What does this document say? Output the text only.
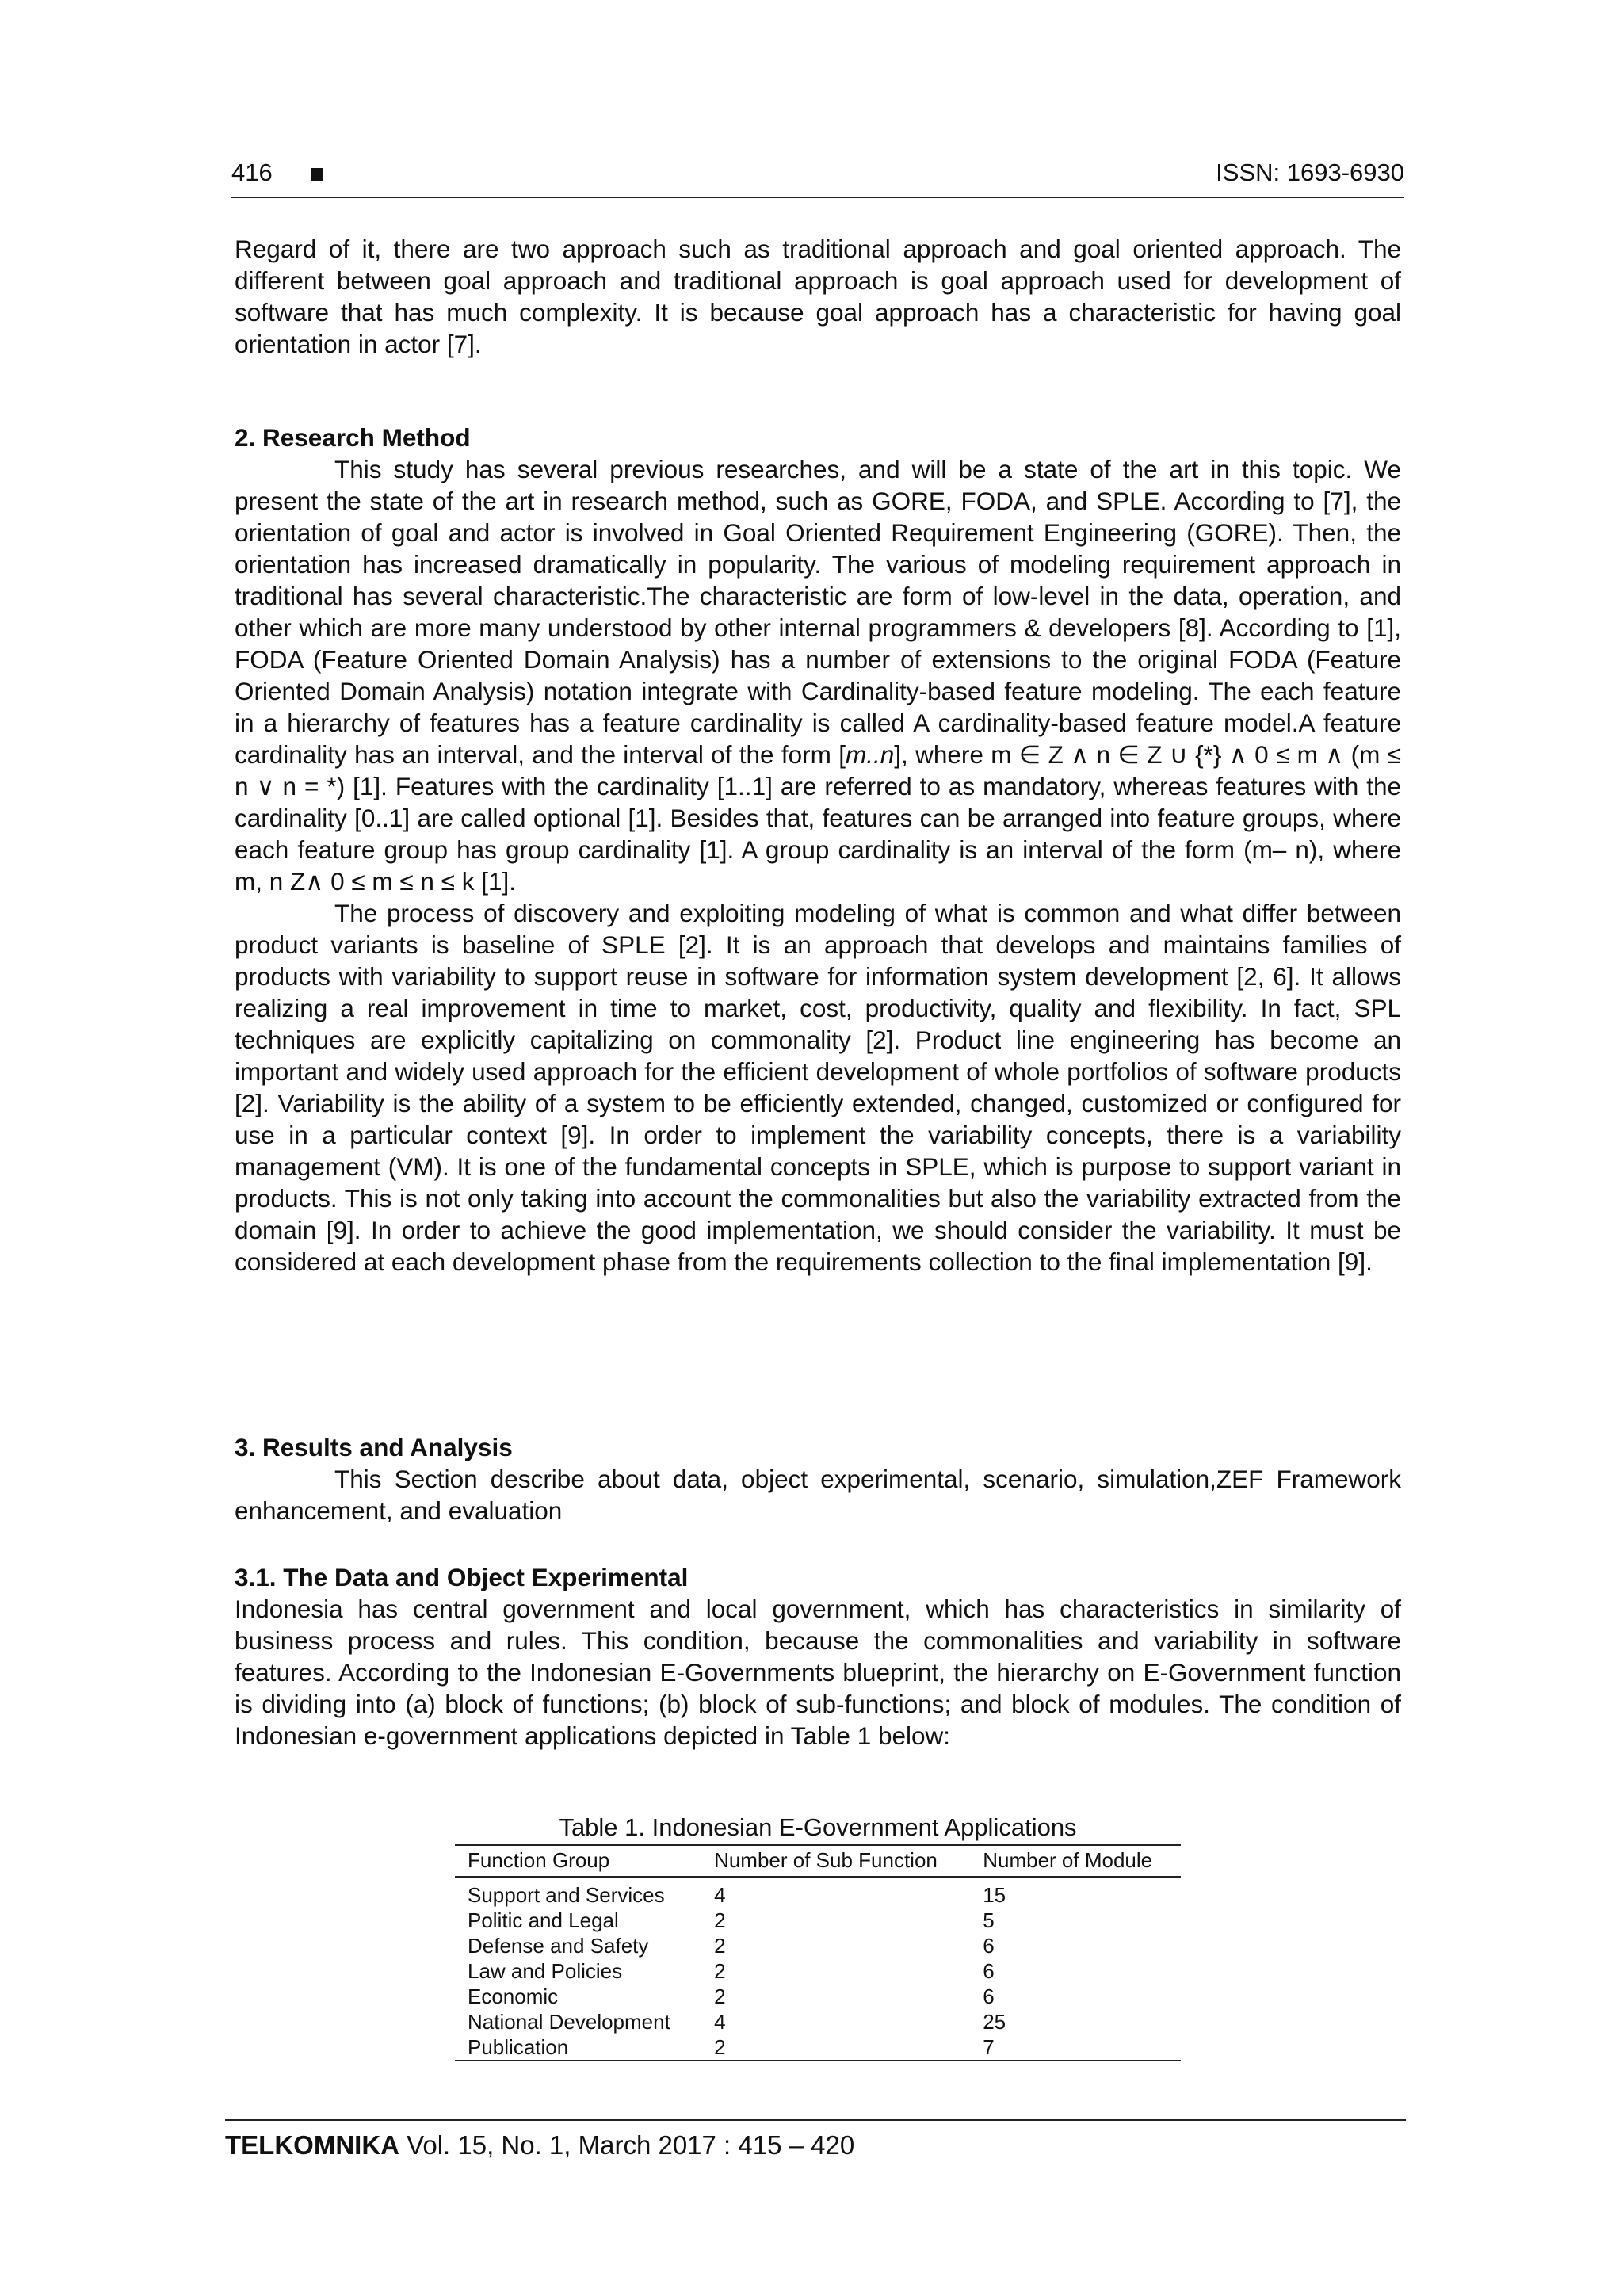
416	ISSN: 1693-6930

Regard of it, there are two approach such as traditional approach and goal oriented approach. The different between goal approach and traditional approach is goal approach used for development of software that has much complexity. It is because goal approach has a characteristic for having goal orientation in actor [7].

2. Research Method

This study has several previous researches, and will be a state of the art in this topic. We present the state of the art in research method, such as GORE, FODA, and SPLE. According to [7], the orientation of goal and actor is involved in Goal Oriented Requirement Engineering (GORE). Then, the orientation has increased dramatically in popularity. The various of modeling requirement approach in traditional has several characteristic.The characteristic are form of low-level in the data, operation, and other which are more many understood by other internal programmers & developers [8]. According to [1], FODA (Feature Oriented Domain Analysis) has a number of extensions to the original FODA (Feature Oriented Domain Analysis) notation integrate with Cardinality-based feature modeling. The each feature in a hierarchy of features has a feature cardinality is called A cardinality-based feature model.A feature cardinality has an interval, and the interval of the form [m..n], where m ∈ Z ∧ n ∈ Z ∪ {*} ∧ 0 ≤ m ∧ (m ≤ n ∨ n = *) [1]. Features with the cardinality [1..1] are referred to as mandatory, whereas features with the cardinality [0..1] are called optional [1]. Besides that, features can be arranged into feature groups, where each feature group has group cardinality [1]. A group cardinality is an interval of the form (m– n), where m, n Z∧ 0 ≤ m ≤ n ≤ k [1].

The process of discovery and exploiting modeling of what is common and what differ between product variants is baseline of SPLE [2]. It is an approach that develops and maintains families of products with variability to support reuse in software for information system development [2, 6]. It allows realizing a real improvement in time to market, cost, productivity, quality and flexibility. In fact, SPL techniques are explicitly capitalizing on commonality [2]. Product line engineering has become an important and widely used approach for the efficient development of whole portfolios of software products [2]. Variability is the ability of a system to be efficiently extended, changed, customized or configured for use in a particular context [9]. In order to implement the variability concepts, there is a variability management (VM). It is one of the fundamental concepts in SPLE, which is purpose to support variant in products. This is not only taking into account the commonalities but also the variability extracted from the domain [9]. In order to achieve the good implementation, we should consider the variability. It must be considered at each development phase from the requirements collection to the final implementation [9].

3. Results and Analysis

This Section describe about data, object experimental, scenario, simulation,ZEF Framework enhancement, and evaluation

3.1. The Data and Object Experimental

Indonesia has central government and local government, which has characteristics in similarity of business process and rules. This condition, because the commonalities and variability in software features. According to the Indonesian E-Governments blueprint, the hierarchy on E-Government function is dividing into (a) block of functions; (b) block of sub-functions; and block of modules. The condition of Indonesian e-government applications depicted in Table 1 below:

Table 1. Indonesian E-Government Applications
Function Group	Number of Sub Function	Number of Module
Support and Services	4	15
Politic and Legal	2	5
Defense and Safety	2	6
Law and Policies	2	6
Economic	2	6
National Development	4	25
Publication	2	7
TELKOMNIKA Vol. 15, No. 1, March 2017 : 415 – 420
